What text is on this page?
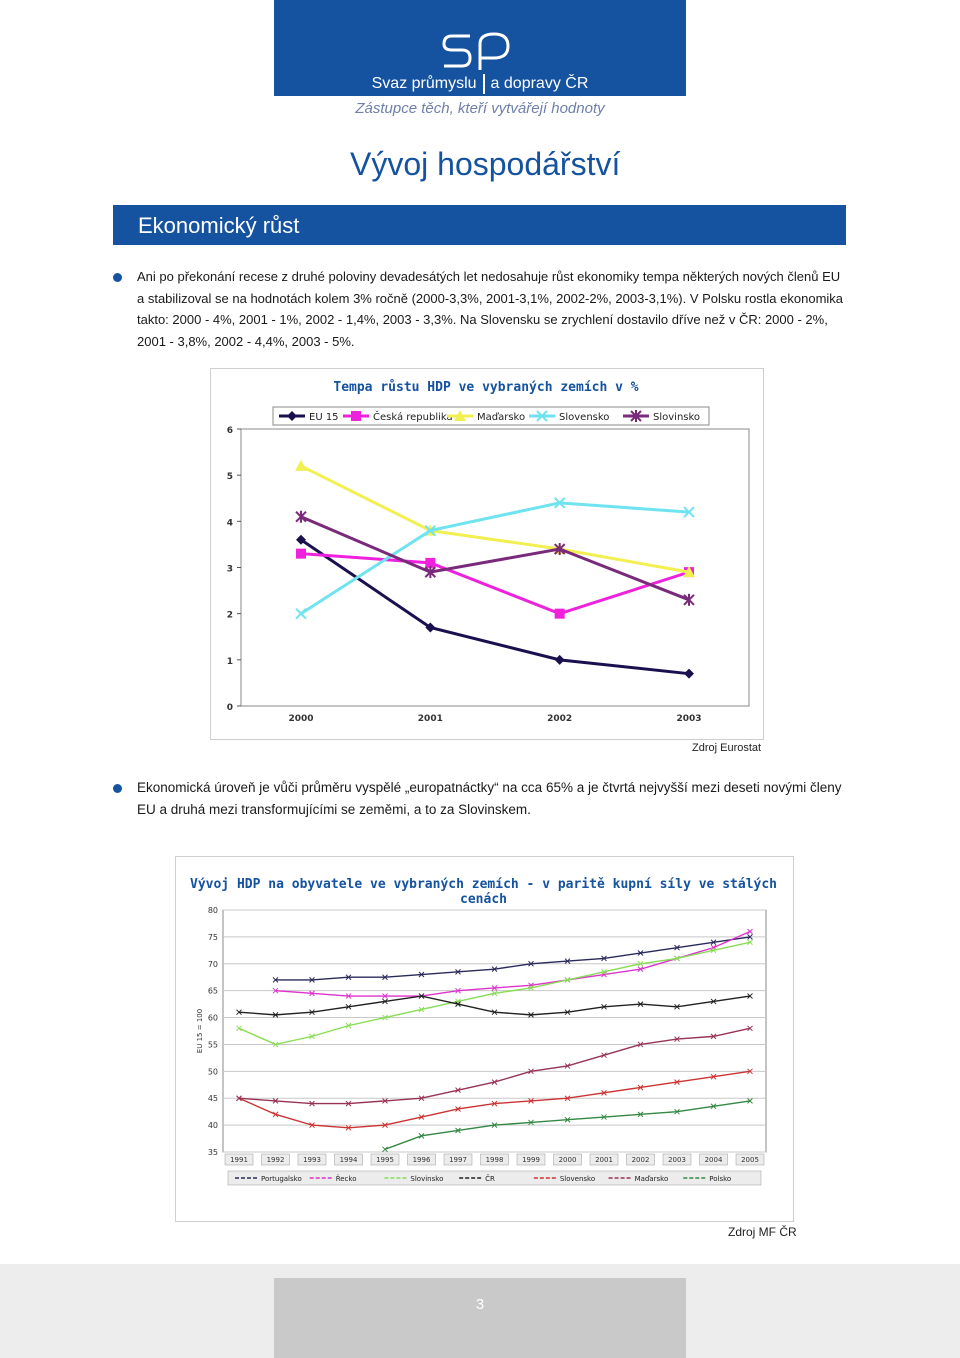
Svaz průmyslu a dopravy ČR
Zástupce těch, kteří vytvářejí hodnoty
Vývoj hospodářství
Ekonomický růst
Ani po překonání recese z druhé poloviny devadesátých let nedosahuje růst ekonomiky tempa některých nových členů EU a stabilizoval se na hodnotách kolem 3% ročně (2000-3,3%, 2001-3,1%, 2002-2%, 2003-3,1%). V Polsku rostla ekonomika takto: 2000 - 4%, 2001 - 1%, 2002 - 1,4%, 2003 - 3,3%. Na Slovensku se zrychlení dostavilo dříve než v ČR: 2000 - 2%, 2001 - 3,8%, 2002 - 4,4%, 2003 - 5%.
0
1
2
3
4
5
6
2000	2001	2002	2003
EU 15	Česká republika Maďarsko	Slovensko	Slovinsko
Tempa růstu HDP ve vybraných zemích v %
Zdroj Eurostat
Ekonomická úroveň je vůči průměru vyspělé „europatnáctky“ na cca 65% a je čtvrtá nejvyšší mezi deseti novými členy EU a druhá mezi transformujícími se zeměmi, a to za Slovinskem.
35
40
45
50
55
60
65
70
75
80
EU 15 = 100
1991	1992	1993	1994	1995	1996	1997	1998	1999	2000	2001	2002	2003	2004	2005
Portugalsko	Řecko	Slovinsko	ČR	Slovensko	Maďarsko	Polsko
Vývoj HDP na obyvatele ve vybraných zemích - v paritě kupní síly ve stálých cenách
Zdroj MF ČR
3
